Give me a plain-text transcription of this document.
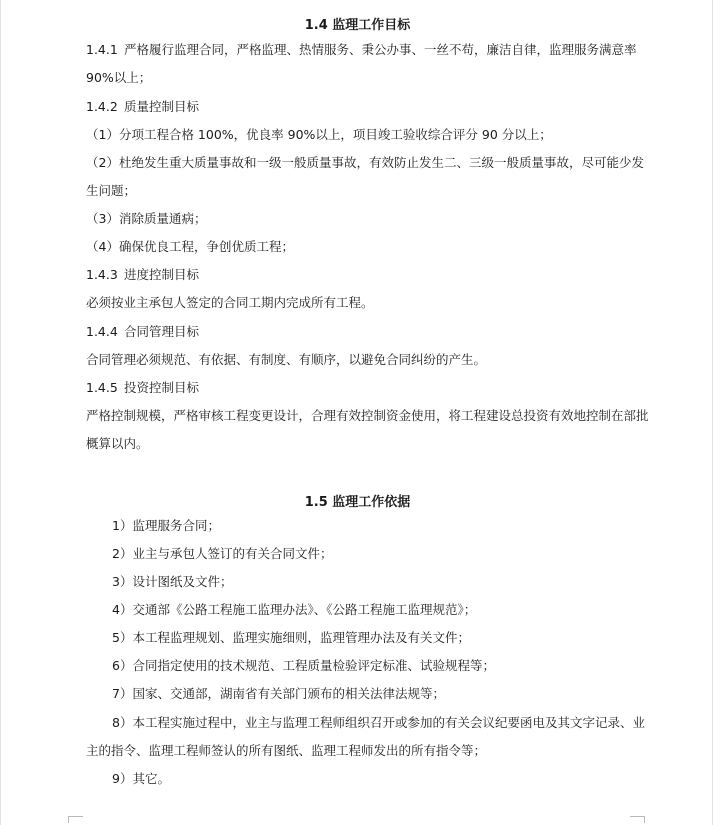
1.4 监理工作目标
1.4.1 严格履行监理合同，严格监理、热情服务、秉公办事、一丝不苟，廉洁自律，监理服务满意率
90%以上；
1.4.2 质量控制目标
（1）分项工程合格 100%，优良率 90%以上，项目竣工验收综合评分 90 分以上；
（2）杜绝发生重大质量事故和一级一般质量事故，有效防止发生二、三级一般质量事故，尽可能少发
生问题；
（3）消除质量通病；
（4）确保优良工程，争创优质工程；
1.4.3 进度控制目标
必须按业主承包人签定的合同工期内完成所有工程。
1.4.4 合同管理目标
合同管理必须规范、有依据、有制度、有顺序，以避免合同纠纷的产生。
1.4.5 投资控制目标
严格控制规模，严格审核工程变更设计，合理有效控制资金使用，将工程建设总投资有效地控制在部批
概算以内。
1.5 监理工作依据
1）监理服务合同；
2）业主与承包人签订的有关合同文件；
3）设计图纸及文件；
4）交通部《公路工程施工监理办法》、《公路工程施工监理规范》；
5）本工程监理规划、监理实施细则，监理管理办法及有关文件；
6）合同指定使用的技术规范、工程质量检验评定标准、试验规程等；
7）国家、交通部，湖南省有关部门颁布的相关法律法规等；
8）本工程实施过程中，业主与监理工程师组织召开或参加的有关会议纪要函电及其文字记录、业
主的指令、监理工程师签认的所有图纸、监理工程师发出的所有指令等；
9）其它。
